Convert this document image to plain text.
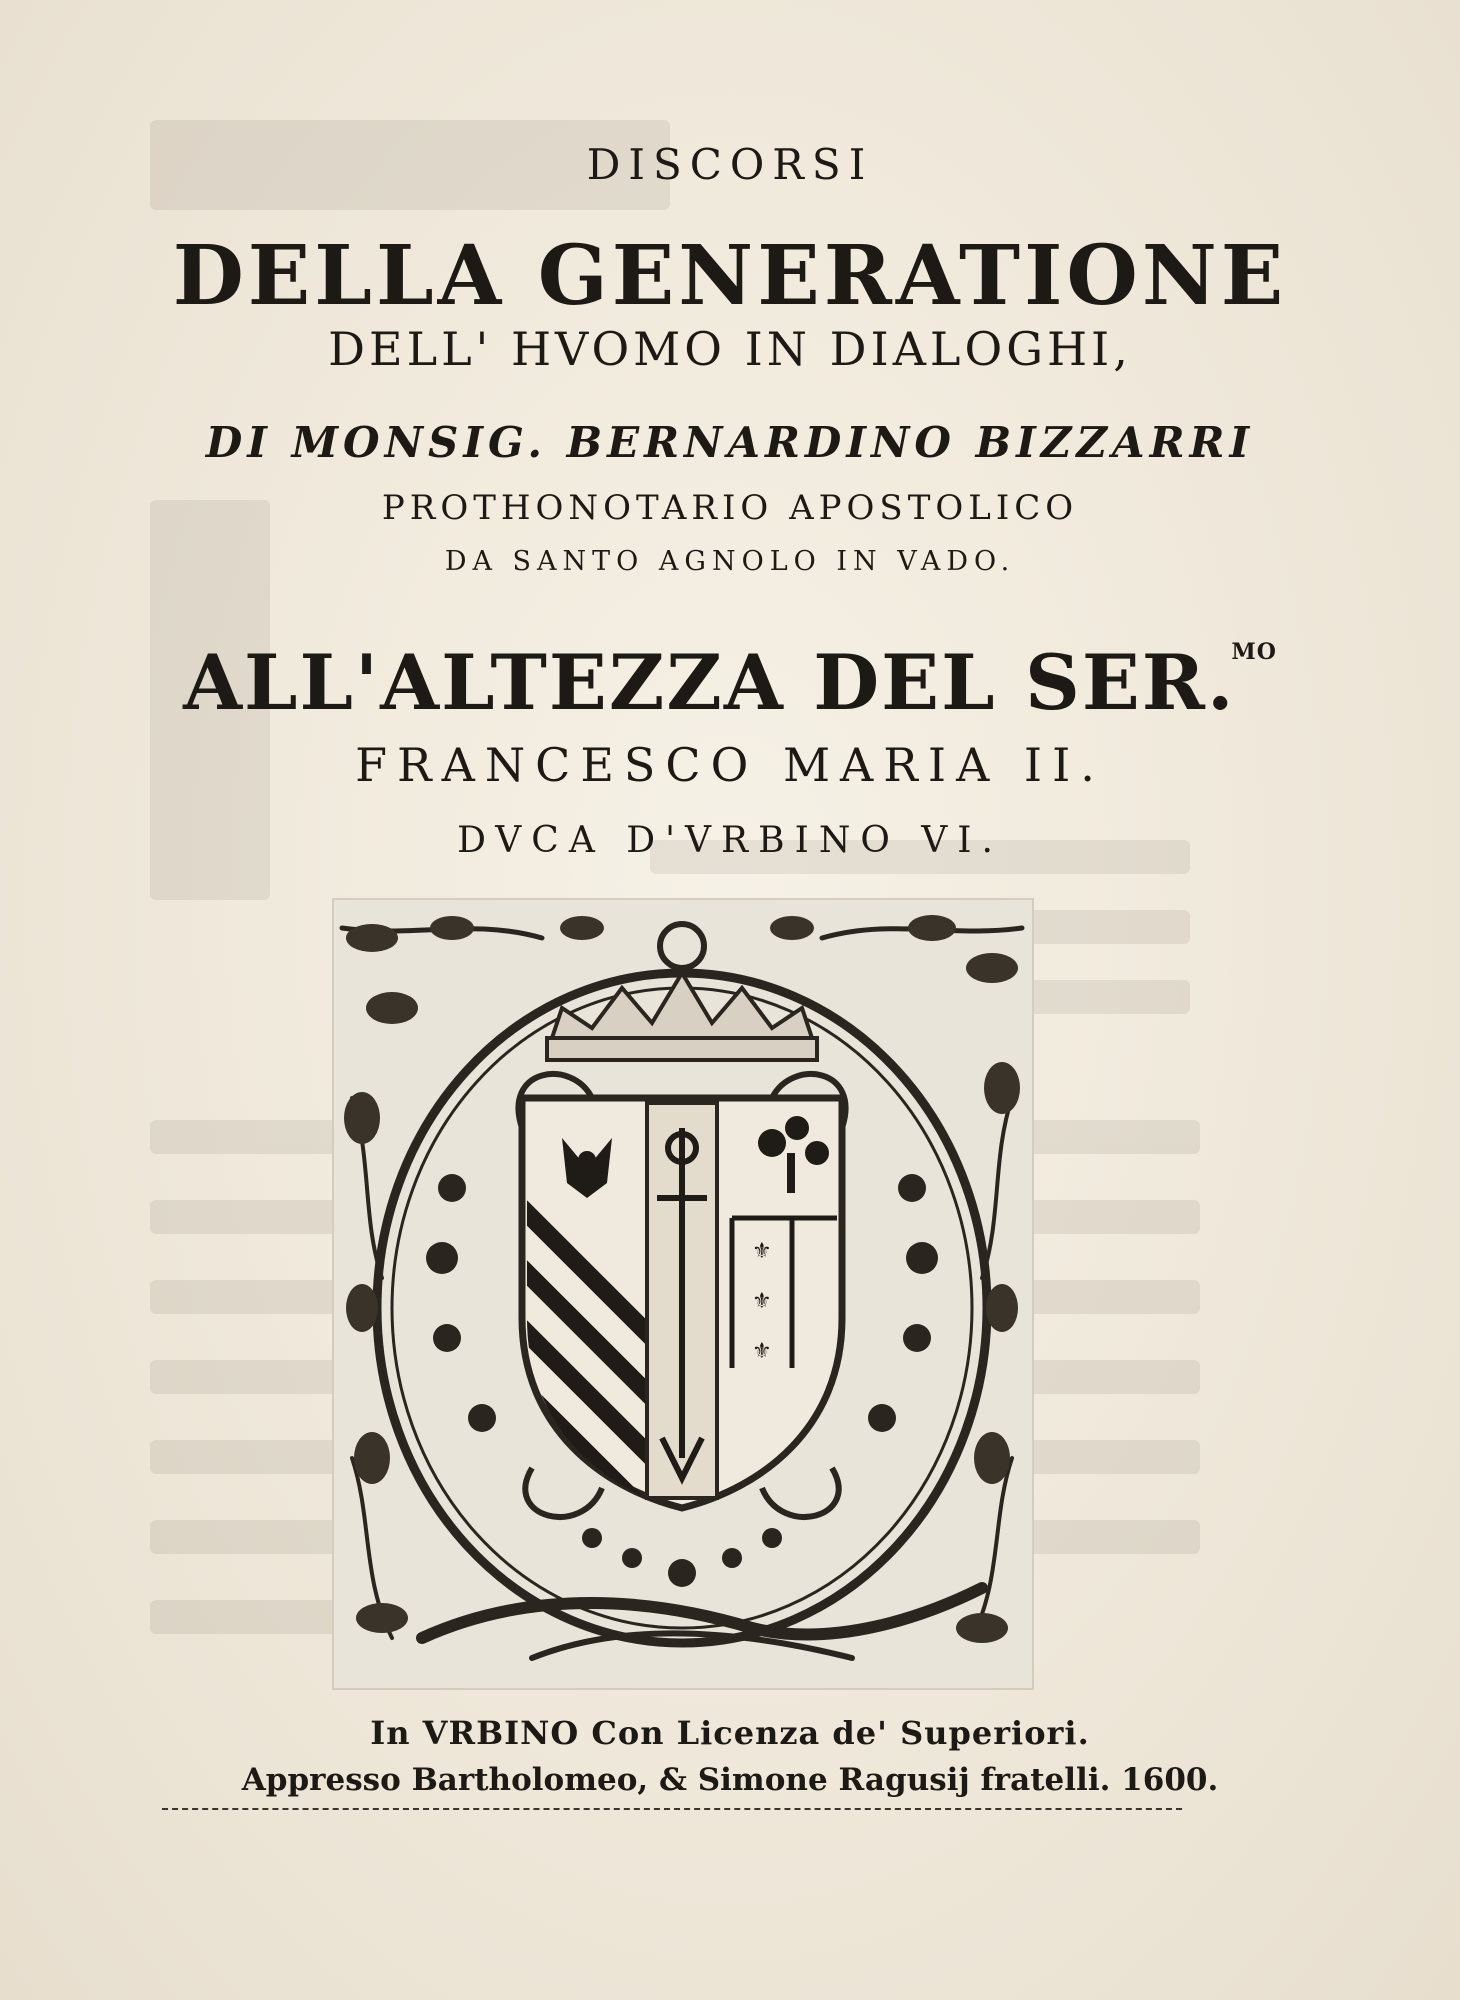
DISCORSI

DELLA GENERATIONE

DELL' HVOMO IN DIALOGHI,

DI MONSIG. BERNARDINO BIZZARRI

PROTHONOTARIO APOSTOLICO

DA SANTO AGNOLO IN VADO.

ALL'ALTEZZA DEL SER.$^{MO}$

FRANCESCO MARIA II.

DVCA D'VRBINO VI.

⚜
⚜
⚜

In VRBINO Con Licenza de' Superiori.

Appresso Bartholomeo, & Simone Ragusij fratelli. 1600.
